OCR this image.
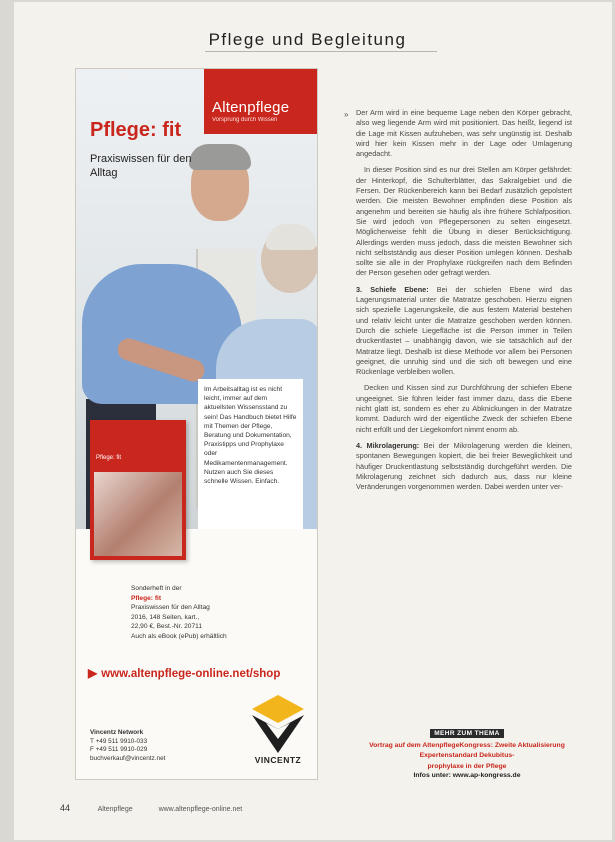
Pflege und Begleitung
Altenpflege
Vorsprung durch Wissen
Pflege: fit
Praxiswissen für den Alltag
Im Arbeitsalltag ist es nicht leicht, immer auf dem aktuellsten Wissensstand zu sein! Das Handbuch bietet Hilfe mit Themen der Pflege, Beratung und Dokumentation, Praxistipps und Prophylaxe oder Medikamentenmanagement. Nutzen auch Sie dieses schnelle Wissen. Einfach.
Pflege: fit
Sonderheft in der
Pflege: fit
Praxiswissen für den Alltag
2016, 148 Seiten, kart.,
22,90 €, Best.-Nr. 20711
Auch als eBook (ePub) erhältlich
▶ www.altenpflege-online.net/shop
Vincentz Network
T +49 511 9910-033
F +49 511 9910-029
buchverkauf@vincentz.net	VINCENTZ
» Der Arm wird in eine bequeme Lage neben den Körper gebracht, also weg liegende Arm wird mit positioniert. Das heißt, liegend ist die Lage mit Kissen aufzuheben, was sehr ungünstig ist. Deshalb wird hier kein Kissen mehr in der Lage oder Umlagerung angedacht.

In dieser Position sind es nur drei Stellen am Körper gefährdet: der Hinterkopf, die Schulterblätter, das Sakralgebiet und die Fersen. Der Rückenbereich kann bei Bedarf zusätzlich gepolstert werden. Die meisten Bewohner empfinden diese Position als angenehm und bereiten sie häufig als ihre frühere Schlafposition. Sie wird jedoch von Pflegepersonen zu selten eingesetzt. Möglicherweise fehlt die Übung in dieser Berücksichtigung. Allerdings werden muss jedoch, dass die meisten Bewohner sich nicht selbstständig aus dieser Position umlegen können. Deshalb sollte sie alle in der Prophylaxe rückgreifen nach dem Befinden der Person gesehen oder gefragt werden.

3. Schiefe Ebene: Bei der schiefen Ebene wird das Lagerungsmaterial unter die Matratze geschoben. Hierzu eignen sich spezielle Lagerungskeile, die aus festem Material bestehen und relativ leicht unter die Matratze geschoben werden können. Durch die schiefe Liegefläche ist die Person immer in Teilen druckentlastet – unabhängig davon, wie sie tatsächlich auf der Matratze liegt. Deshalb ist diese Methode vor allem bei Personen geeignet, die unruhig sind und die sich oft bewegen und eine Rückenlage verbleiben wollen.

Decken und Kissen sind zur Durchführung der schiefen Ebene ungeeignet. Sie führen leider fast immer dazu, dass die Ebene nicht glatt ist, sondern es eher zu Abknickungen in der Matratze kommt. Dadurch wird der eigentliche Zweck der schiefen Ebene nicht erfüllt und der Liegekomfort nimmt enorm ab.

4. Mikrolagerung: Bei der Mikrolagerung werden die kleinen, spontanen Bewegungen kopiert, die bei freier Beweglichkeit und häufiger Druckentlastung selbstständig durchgeführt werden. Die Mikrolagerung zeichnet sich dadurch aus, dass nur kleine Veränderungen vorgenommen werden. Dabei werden unter ver-

MEHR ZUM THEMA
Vortrag auf dem AltenpflegeKongress: Zweite Aktualisierung Expertenstandard Dekubitus-
prophylaxe in der Pflege
Infos unter: www.ap-kongress.de
44	Altenpflege	www.altenpflege-online.net
